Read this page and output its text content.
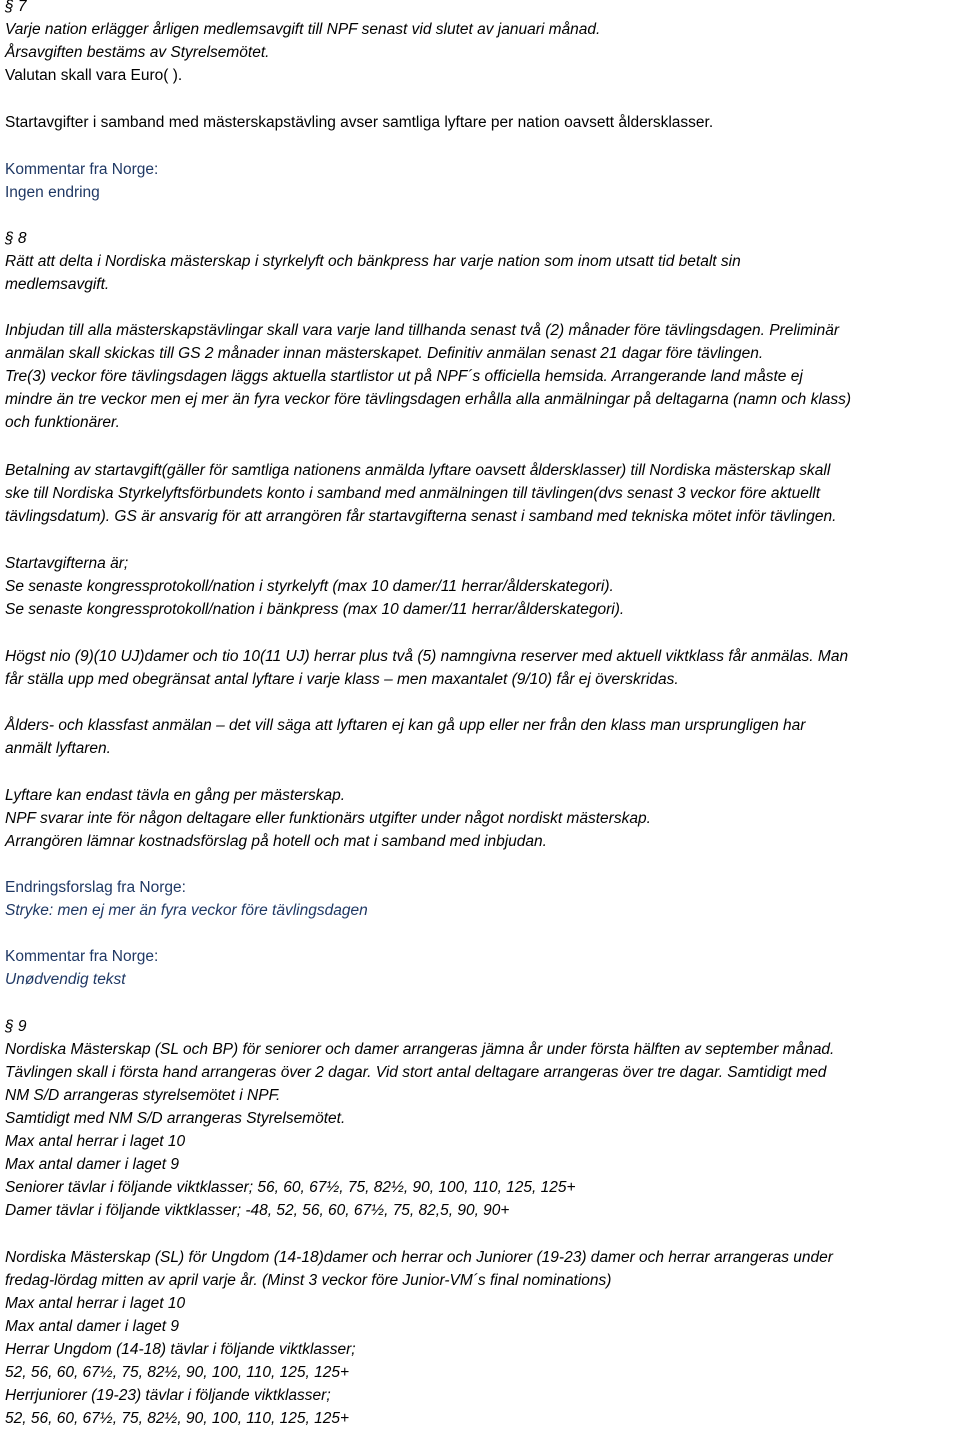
§ 7
Varje nation erlägger årligen medlemsavgift till NPF senast vid slutet av januari månad.
Årsavgiften bestäms av Styrelsemötet.
Valutan skall vara Euro( ).
Startavgifter i samband med mästerskapstävling avser samtliga lyftare per nation oavsett åldersklasser.
Kommentar fra Norge:
Ingen endring
§ 8
Rätt att delta i Nordiska mästerskap i styrkelyft och bänkpress har varje nation som inom utsatt tid betalt sin
medlemsavgift.
Inbjudan till alla mästerskapstävlingar skall vara varje land tillhanda senast två (2) månader före tävlingsdagen. Preliminär
anmälan skall skickas till GS 2 månader innan mästerskapet. Definitiv anmälan senast 21 dagar före tävlingen.
Tre(3) veckor före tävlingsdagen läggs aktuella startlistor ut på NPF´s officiella hemsida. Arrangerande land måste ej
mindre än tre veckor men ej mer än fyra veckor före tävlingsdagen erhålla alla anmälningar på deltagarna (namn och klass)
och funktionärer.
Betalning av startavgift(gäller för samtliga nationens anmälda lyftare oavsett åldersklasser) till Nordiska mästerskap skall
ske till Nordiska Styrkelyftsförbundets konto i samband med anmälningen till tävlingen(dvs senast 3 veckor före aktuellt
tävlingsdatum). GS är ansvarig för att arrangören får startavgifterna senast i samband med tekniska mötet inför tävlingen.
Startavgifterna är;
Se senaste kongressprotokoll/nation i styrkelyft (max 10 damer/11 herrar/ålderskategori).
Se senaste kongressprotokoll/nation i bänkpress (max 10 damer/11 herrar/ålderskategori).
Högst nio (9)(10 UJ)damer och tio 10(11 UJ) herrar plus två (5) namngivna reserver med aktuell viktklass får anmälas. Man
får ställa upp med obegränsat antal lyftare i varje klass – men maxantalet (9/10) får ej överskridas.
Ålders- och klassfast anmälan – det vill säga att lyftaren ej kan gå upp eller ner från den klass man ursprungligen har
anmält lyftaren.
Lyftare kan endast tävla en gång per mästerskap.
NPF svarar inte för någon deltagare eller funktionärs utgifter under något nordiskt mästerskap.
Arrangören lämnar kostnadsförslag på hotell och mat i samband med inbjudan.
Endringsforslag fra Norge:
Stryke: men ej mer än fyra veckor före tävlingsdagen
Kommentar fra Norge:
Unødvendig tekst
§ 9
Nordiska Mästerskap (SL och BP) för seniorer och damer arrangeras jämna år under första hälften av september månad.
Tävlingen skall i första hand arrangeras över 2 dagar. Vid stort antal deltagare arrangeras över tre dagar. Samtidigt med
NM S/D arrangeras styrelsemötet i NPF.
Samtidigt med NM S/D arrangeras Styrelsemötet.
Max antal herrar i laget 10
Max antal damer i laget 9
Seniorer tävlar i följande viktklasser; 56, 60, 67½, 75, 82½, 90, 100, 110, 125, 125+
Damer tävlar i följande viktklasser; -48, 52, 56, 60, 67½, 75, 82,5, 90, 90+
Nordiska Mästerskap (SL) för Ungdom (14-18)damer och herrar och Juniorer (19-23) damer och herrar arrangeras under
fredag-lördag mitten av april varje år. (Minst 3 veckor före Junior-VM´s final nominations)
Max antal herrar i laget 10
Max antal damer i laget 9
Herrar Ungdom (14-18) tävlar i följande viktklasser;
52, 56, 60, 67½, 75, 82½, 90, 100, 110, 125, 125+
Herrjuniorer (19-23) tävlar i följande viktklasser;
52, 56, 60, 67½, 75, 82½, 90, 100, 110, 125, 125+
